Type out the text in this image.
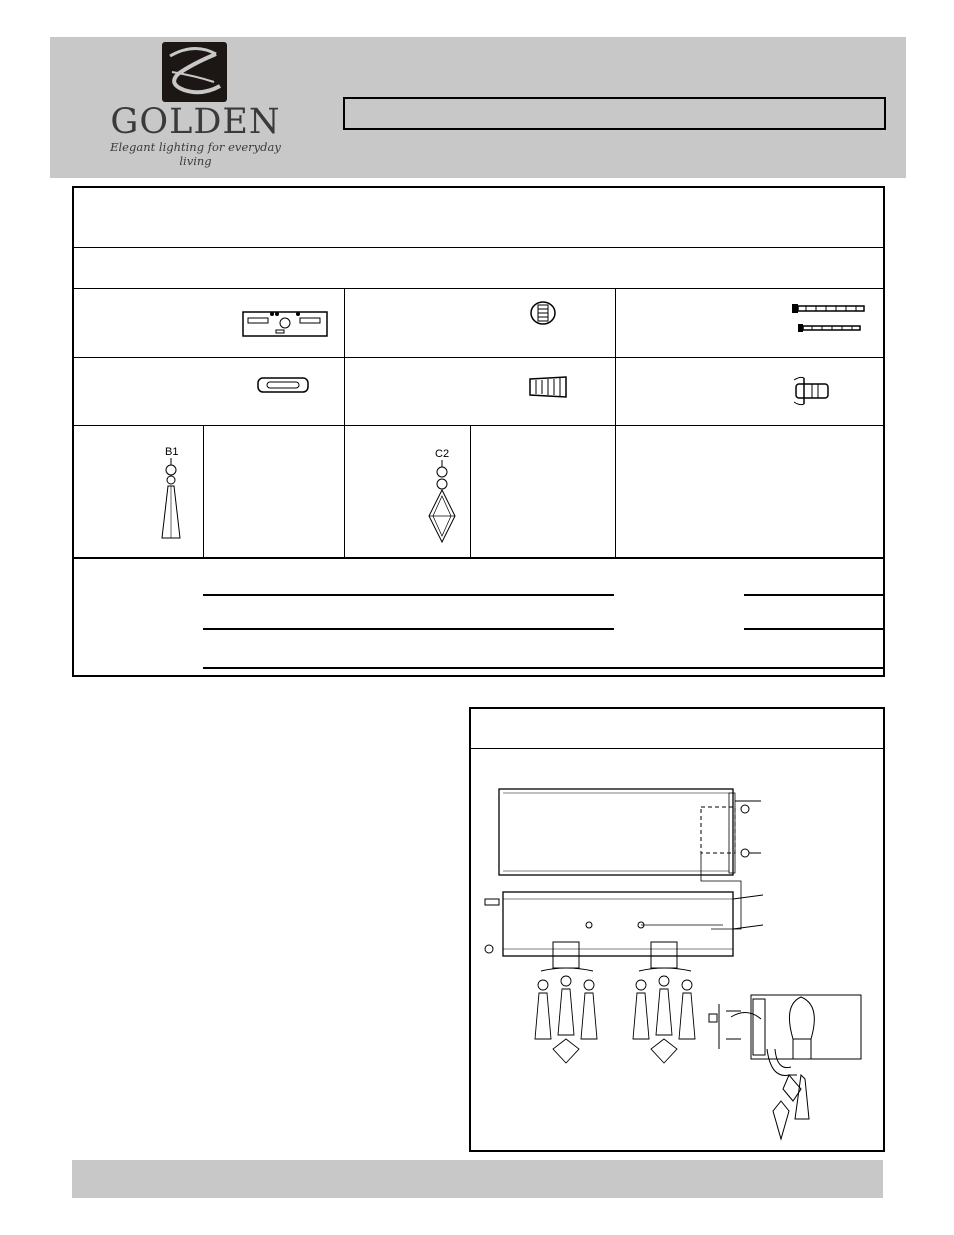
GOLDEN
Elegant lighting for everyday living
B1	C2
